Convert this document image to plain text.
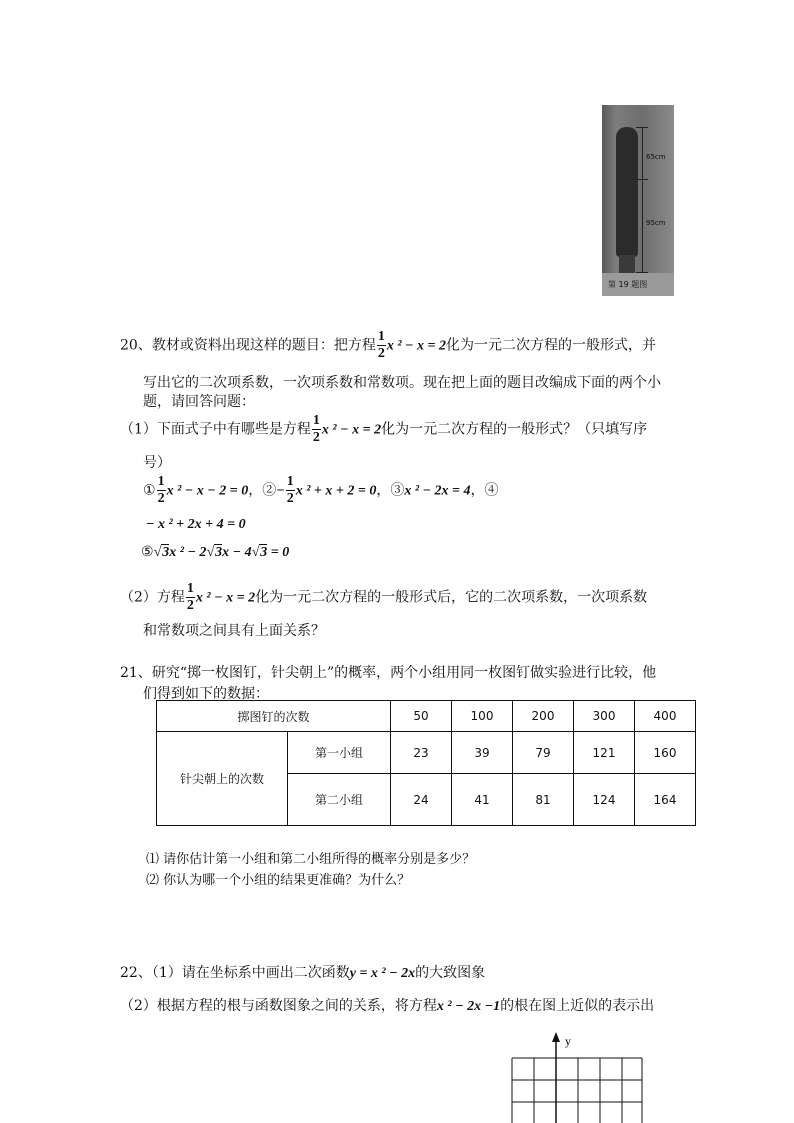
65cm
95cm
第 19 题图
20、教材或资料出现这样的题目：把方程 $\frac{1}{2}$ x ² − x = 2化为一元二次方程的一般形式，并
写出它的二次项系数，一次项系数和常数项。现在把上面的题目改编成下面的两个小
题，请回答问题：
（1）下面式子中有哪些是方程 $\frac{1}{2}$ x ² − x = 2化为一元二次方程的一般形式？（只填写序
号）
① $\frac{1}{2}$ x ² − x − 2 = 0，②− $\frac{1}{2}$ x ² + x + 2 = 0，③x ² − 2x = 4，④
− x ² + 2x + 4 = 0
⑤√3x ² − 2√3x − 4√3 = 0
（2）方程 $\frac{1}{2}$ x ² − x = 2化为一元二次方程的一般形式后，它的二次项系数，一次项系数
和常数项之间具有上面关系？
21、研究“掷一枚图钉，针尖朝上”的概率，两个小组用同一枚图钉做实验进行比较，他
们得到如下的数据：
掷图钉的次数		50	100	200	300	400
针尖朝上的次数	第一小组	23	39	79	121	160
	第二小组	24	41	81	124	164
⑴ 请你估计第一小组和第二小组所得的概率分别是多少？
⑵ 你认为哪一个小组的结果更准确？为什么？
22、（1）请在坐标系中画出二次函数y = x ² − 2x的大致图象
（2）根据方程的根与函数图象之间的关系，将方程x ² − 2x −1的根在图上近似的表示出
y
